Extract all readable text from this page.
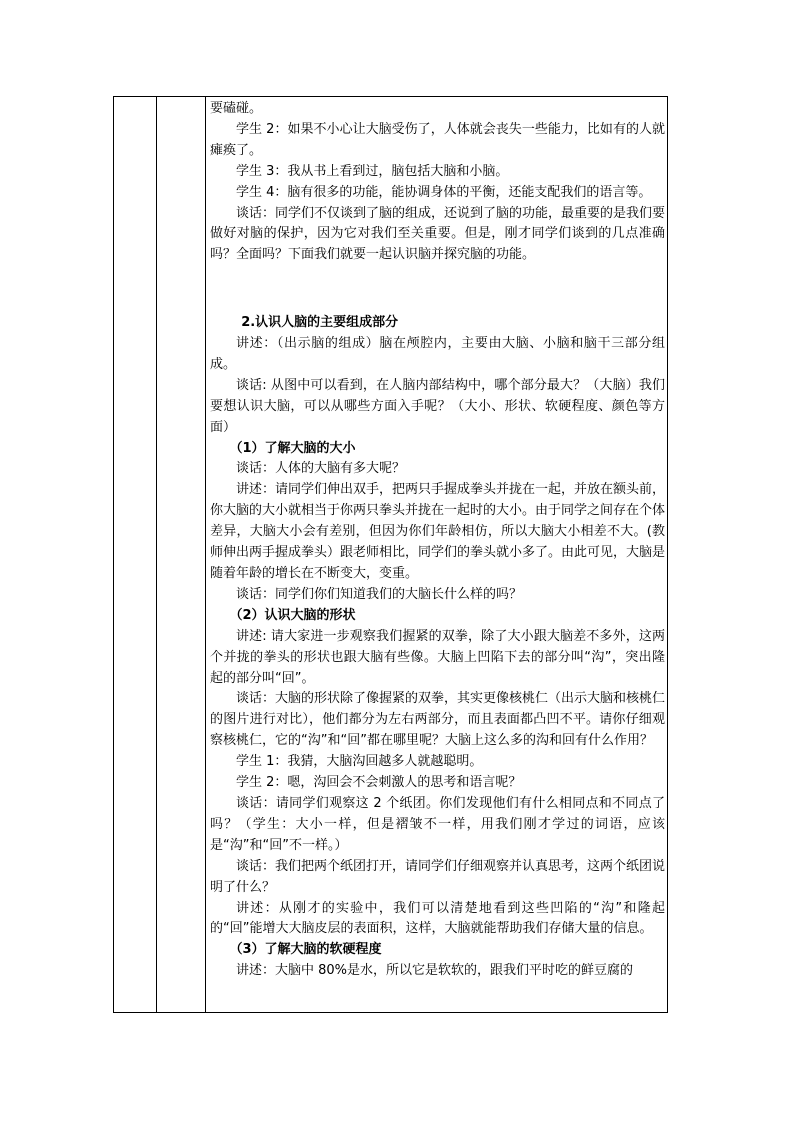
要磕碰。

学生 2：如果不小心让大脑受伤了，人体就会丧失一些能力，比如有的人就瘫痪了。

学生 3：我从书上看到过，脑包括大脑和小脑。

学生 4：脑有很多的功能，能协调身体的平衡，还能支配我们的语言等。

谈话：同学们不仅谈到了脑的组成，还说到了脑的功能，最重要的是我们要做好对脑的保护，因为它对我们至关重要。但是，刚才同学们谈到的几点准确吗？全面吗？下面我们就要一起认识脑并探究脑的功能。

2.认识人脑的主要组成部分

讲述：（出示脑的组成）脑在颅腔内，主要由大脑、小脑和脑干三部分组成。

谈话: 从图中可以看到，在人脑内部结构中，哪个部分最大？（大脑）我们要想认识大脑，可以从哪些方面入手呢？（大小、形状、软硬程度、颜色等方面）

（1）了解大脑的大小

谈话：人体的大脑有多大呢？

讲述：请同学们伸出双手，把两只手握成拳头并拢在一起，并放在额头前，你大脑的大小就相当于你两只拳头并拢在一起时的大小。由于同学之间存在个体差异，大脑大小会有差别，但因为你们年龄相仿，所以大脑大小相差不大。(教师伸出两手握成拳头）跟老师相比，同学们的拳头就小多了。由此可见，大脑是随着年龄的增长在不断变大，变重。

谈话：同学们你们知道我们的大脑长什么样的吗？

（2）认识大脑的形状

讲述: 请大家进一步观察我们握紧的双拳，除了大小跟大脑差不多外，这两个并拢的拳头的形状也跟大脑有些像。大脑上凹陷下去的部分叫“沟”，突出隆起的部分叫“回”。

谈话：大脑的形状除了像握紧的双拳，其实更像核桃仁（出示大脑和核桃仁的图片进行对比），他们都分为左右两部分，而且表面都凸凹不平。请你仔细观察核桃仁，它的“沟”和“回”都在哪里呢？大脑上这么多的沟和回有什么作用？

学生 1：我猜，大脑沟回越多人就越聪明。

学生 2：嗯，沟回会不会刺激人的思考和语言呢？

谈话：请同学们观察这 2 个纸团。你们发现他们有什么相同点和不同点了吗？（学生：大小一样，但是褶皱不一样，用我们刚才学过的词语，应该是“沟”和“回”不一样。）

谈话：我们把两个纸团打开，请同学们仔细观察并认真思考，这两个纸团说明了什么？

讲述：从刚才的实验中，我们可以清楚地看到这些凹陷的“沟”和隆起的“回”能增大大脑皮层的表面积，这样，大脑就能帮助我们存储大量的信息。

（3）了解大脑的软硬程度

讲述：大脑中 80%是水，所以它是软软的，跟我们平时吃的鲜豆腐的
